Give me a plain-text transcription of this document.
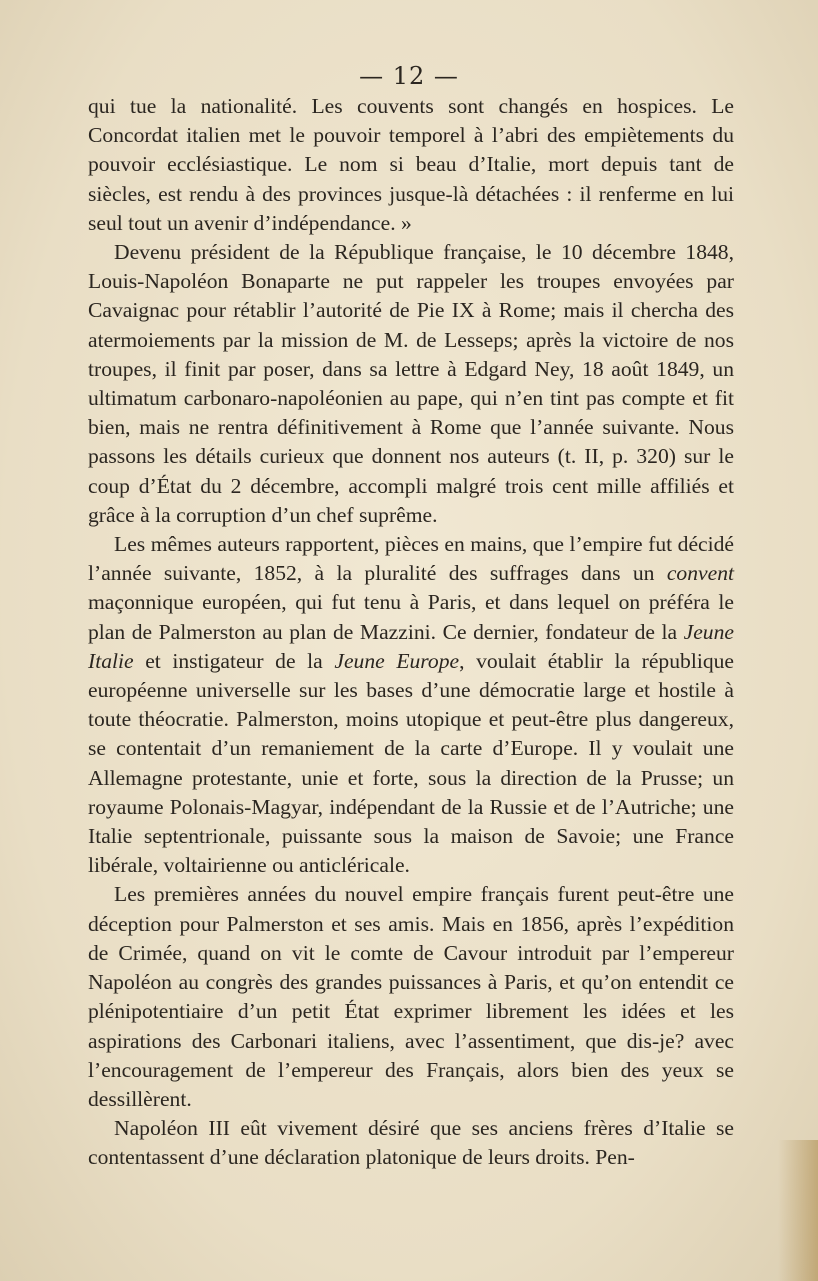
— 12 —

qui tue la nationalité. Les couvents sont changés en hospices. Le Concordat italien met le pouvoir temporel à l’abri des empiètements du pouvoir ecclésiastique. Le nom si beau d’Italie, mort depuis tant de siècles, est rendu à des provinces jusque-là détachées : il renferme en lui seul tout un avenir d’indépendance. »

Devenu président de la République française, le 10 décembre 1848, Louis-Napoléon Bonaparte ne put rappeler les troupes envoyées par Cavaignac pour rétablir l’autorité de Pie IX à Rome; mais il chercha des atermoiements par la mission de M. de Lesseps; après la victoire de nos troupes, il finit par poser, dans sa lettre à Edgard Ney, 18 août 1849, un ultimatum carbonaro-napoléonien au pape, qui n’en tint pas compte et fit bien, mais ne rentra définitivement à Rome que l’année suivante. Nous passons les détails curieux que donnent nos auteurs (t. II, p. 320) sur le coup d’État du 2 décembre, accompli malgré trois cent mille affiliés et grâce à la corruption d’un chef suprême.

Les mêmes auteurs rapportent, pièces en mains, que l’empire fut décidé l’année suivante, 1852, à la pluralité des suffrages dans un convent maçonnique européen, qui fut tenu à Paris, et dans lequel on préféra le plan de Palmerston au plan de Mazzini. Ce dernier, fondateur de la Jeune Italie et instigateur de la Jeune Europe, voulait établir la république européenne universelle sur les bases d’une démocratie large et hostile à toute théocratie. Palmerston, moins utopique et peut-être plus dangereux, se contentait d’un remaniement de la carte d’Europe. Il y voulait une Allemagne protestante, unie et forte, sous la direction de la Prusse; un royaume Polonais-Magyar, indépendant de la Russie et de l’Autriche; une Italie septentrionale, puissante sous la maison de Savoie; une France libérale, voltairienne ou anticléricale.

Les premières années du nouvel empire français furent peut-être une déception pour Palmerston et ses amis. Mais en 1856, après l’expédition de Crimée, quand on vit le comte de Cavour introduit par l’empereur Napoléon au congrès des grandes puissances à Paris, et qu’on entendit ce plénipotentiaire d’un petit État exprimer librement les idées et les aspirations des Carbonari italiens, avec l’assentiment, que dis-je? avec l’encouragement de l’empereur des Français, alors bien des yeux se dessillèrent.

Napoléon III eût vivement désiré que ses anciens frères d’Italie se contentassent d’une déclaration platonique de leurs droits. Pen-
